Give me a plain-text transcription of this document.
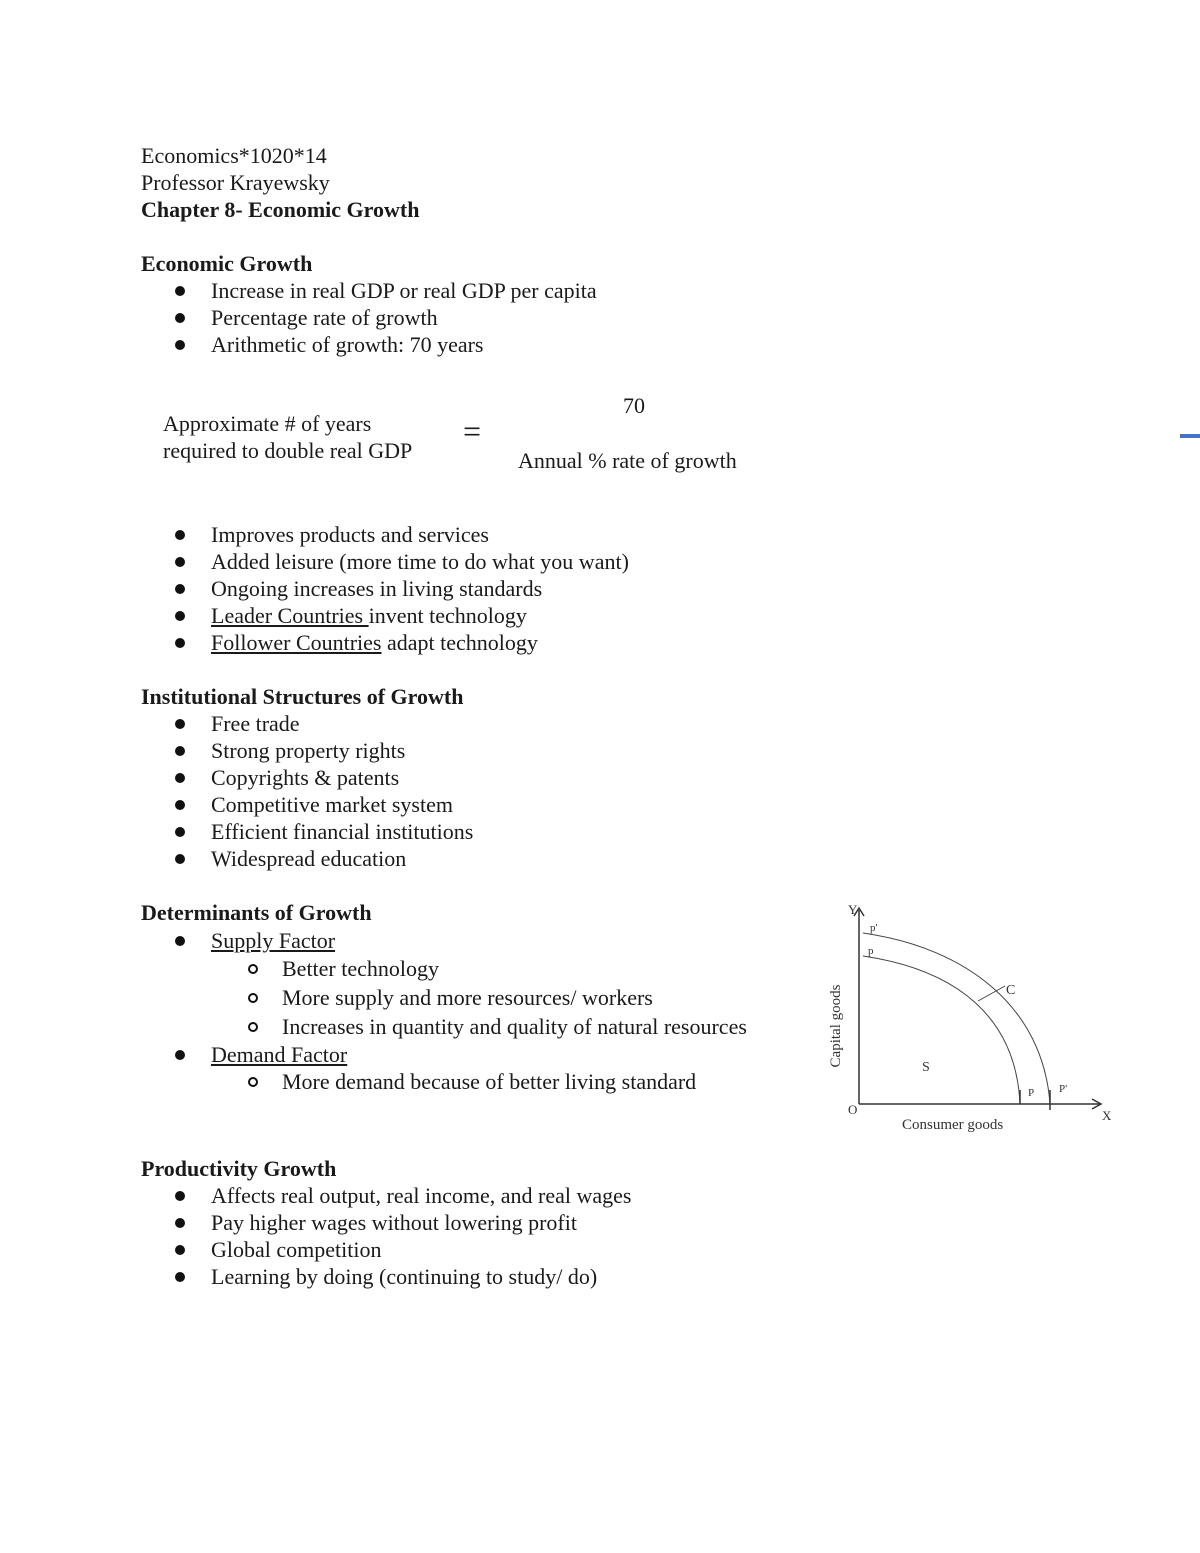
Economics*1020*14
Professor Krayewsky
Chapter 8- Economic Growth
Economic Growth
Increase in real GDP or real GDP per capita
Percentage rate of growth
Arithmetic of growth: 70 years
Approximate # of years
required to double real GDP
=
70
Annual % rate of growth
Improves products and services
Added leisure (more time to do what you want)
Ongoing increases in living standards
Leader Countries invent technology
Follower Countries adapt technology
Institutional Structures of Growth
Free trade
Strong property rights
Copyrights & patents
Competitive market system
Efficient financial institutions
Widespread education
Determinants of Growth
Supply Factor
Better technology
More supply and more resources/ workers
Increases in quantity and quality of natural resources
Demand Factor
More demand because of better living standard
Y
X
O
p'
p
C
S
P P'
Consumer goods
Capital goods
Productivity Growth
Affects real output, real income, and real wages
Pay higher wages without lowering profit
Global competition
Learning by doing (continuing to study/ do)
